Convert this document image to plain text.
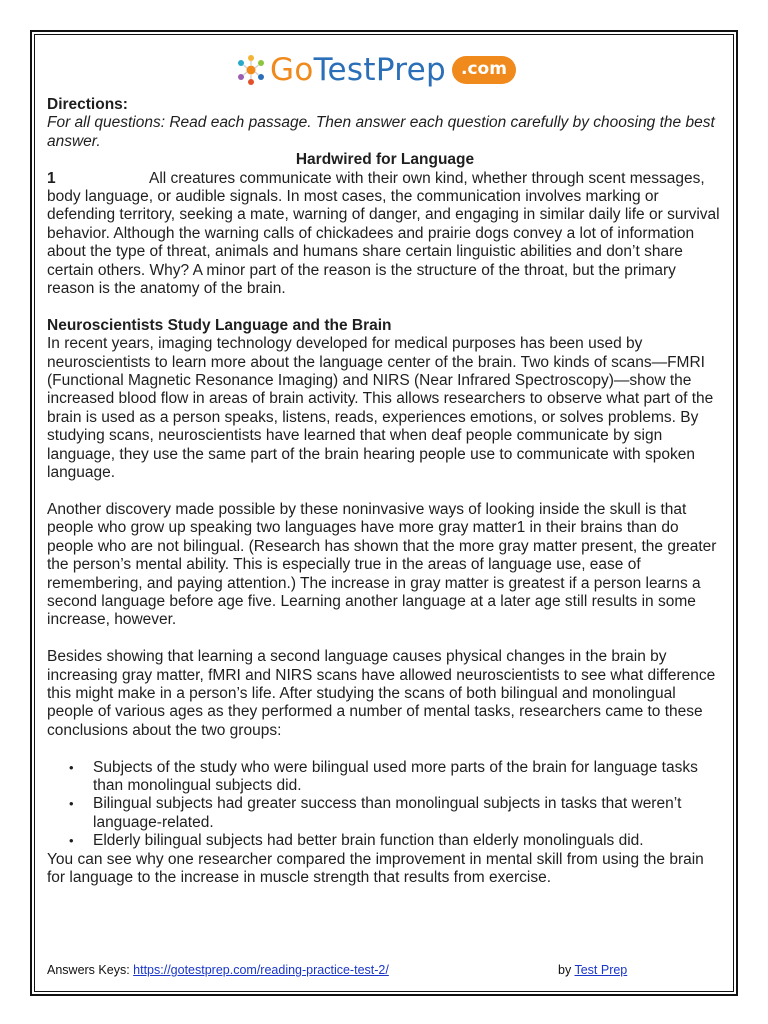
GoTestPrep .com

Directions:

For all questions: Read each passage. Then answer each question carefully by choosing the best answer.

Hardwired for Language

1	All creatures communicate with their own kind, whether through scent messages, body language, or audible signals. In most cases, the communication involves marking or defending territory, seeking a mate, warning of danger, and engaging in similar daily life or survival behavior. Although the warning calls of chickadees and prairie dogs convey a lot of information about the type of threat, animals and humans share certain linguistic abilities and don’t share certain others. Why? A minor part of the reason is the structure of the throat, but the primary reason is the anatomy of the brain.

Neuroscientists Study Language and the Brain

In recent years, imaging technology developed for medical purposes has been used by neuroscientists to learn more about the language center of the brain. Two kinds of scans—FMRI (Functional Magnetic Resonance Imaging) and NIRS (Near Infrared Spectroscopy)—show the increased blood flow in areas of brain activity. This allows researchers to observe what part of the brain is used as a person speaks, listens, reads, experiences emotions, or solves problems. By studying scans, neuroscientists have learned that when deaf people communicate by sign language, they use the same part of the brain hearing people use to communicate with spoken language.

Another discovery made possible by these noninvasive ways of looking inside the skull is that people who grow up speaking two languages have more gray matter1 in their brains than do people who are not bilingual. (Research has shown that the more gray matter present, the greater the person’s mental ability. This is especially true in the areas of language use, ease of remembering, and paying attention.) The increase in gray matter is greatest if a person learns a second language before age five. Learning another language at a later age still results in some increase, however.

Besides showing that learning a second language causes physical changes in the brain by increasing gray matter, fMRI and NIRS scans have allowed neuroscientists to see what difference this might make in a person’s life. After studying the scans of both bilingual and monolingual people of various ages as they performed a number of mental tasks, researchers came to these conclusions about the two groups:

• Subjects of the study who were bilingual used more parts of the brain for language tasks than monolingual subjects did.
• Bilingual subjects had greater success than monolingual subjects in tasks that weren’t language-related.
• Elderly bilingual subjects had better brain function than elderly monolinguals did.

You can see why one researcher compared the improvement in mental skill from using the brain for language to the increase in muscle strength that results from exercise.

Answers Keys: https://gotestprep.com/reading-practice-test-2/	by Test Prep
